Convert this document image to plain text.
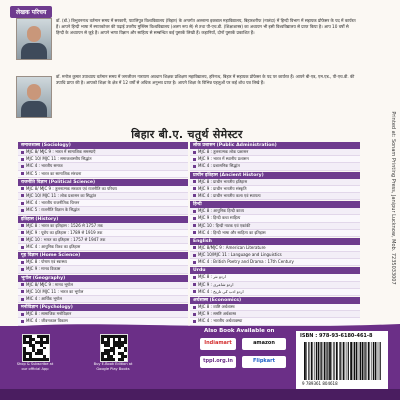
लेखक परिचय
डॉ. (डॉ.) त्रिभुवननाथ वर्तमान समय में सरकारी, पाटलिपुत्र विश्वविद्यालय (बिहार) के अन्तर्गत अल्लामा इकबाल महाविद्यालय, बिहारशरीफ (नालंदा) में हिन्दी विभाग में सहायक प्रोफेसर के पद में कार्यरत हैं। आपने हिन्दी भाषा में स्नातकोत्तर की पढ़ाई उत्तरीय मुस्लिम विश्वविद्यालय (अलग रूप से) से तथा पी-एच.डी. (शिक्षाशास्त्र) का अध्ययन भी इसी विश्वविद्यालय से प्राप्त किया है। आप 10 वर्षों से हिन्दी के अध्यापन से जुड़े हैं। आपने भाषा विज्ञान और साहित्य से सम्बन्धित कई पुस्तकें लिखी हैं। कहानियाँ, दोनों पुस्तकें प्रकाशित हैं।
डॉ. मनोज कुमार उपाध्याय वर्तमान समय में जगजीवन नारायण अवधान शिक्षक प्रशिक्षण महाविद्यालय, हरिनाथ, बिहार में सहायक प्रोफेसर के पद पर कार्यरत हैं। आपने बी-एड, एम.एड., पी-एच.डी. की उपाधि प्राप्त की है। आपको शिक्षा के क्षेत्र में 12 वर्षों से अधिक अनुभव प्राप्त है। आपने शिक्षा के विभिन्न पहलुओं पर कई शोध पत्र लिखे हैं।
बिहार बी.ए. चतुर्थ सेमेस्टर
समाजशास्त्र (Sociology)
MJC 8/ MJC 9 : भारत में सामाजिक समस्याएँ
MJC 10/ MJC 11 : समाजशास्त्रीय सिद्धांत
MIC 4 : भारतीय समाज
MIC 5 : भारत का सामाजिक संरचना
राजनीति विज्ञान (Political Science)
MJC 8/ MJC 9 : तुलनात्मक सरकार एवं राजनीति का परिचय
MJC 10/ MJC 11 : लोक प्रशासन का सिद्धांत
MIC 4 : भारतीय राजनीतिक चिन्तन
MIC 5 : राजनीति विज्ञान के सिद्धांत
इतिहास (History)
MJC 8 : भारत का इतिहास : 1526 से 1757 तक
MJC 9 : यूरोप का इतिहास : 1789 से 1919 तक
MJC 10 : भारत का इतिहास : 1757 से 1947 तक
MIC 4 : आधुनिक विश्व का इतिहास
गृह विज्ञान (Home Science)
MJC 8 : पोषण एवं स्वास्थ्य
MJC 9 : मानव विकास
भूगोल (Geography)
MJC 8/ MJC 9 : मानव भूगोल
MJC 10/ MJC 11 : भारत का भूगोल
MIC 4 : आर्थिक भूगोल
मनोविज्ञान (Psychology)
MJC 8 : सामाजिक मनोविज्ञान
MIC 4 : जीवनकाल विकास
लोक प्रशासन (Public Administration)
MJC 8 : तुलनात्मक लोक प्रशासन
MJC 9 : भारत में स्थानीय प्रशासन
MIC 4 : प्रशासनिक सिद्धांत
प्राचीन इतिहास (Ancient History)
MJC 8 : प्राचीन भारतीय इतिहास
MJC 9 : प्राचीन भारतीय संस्कृति
MIC 4 : प्राचीन भारतीय कला एवं स्थापत्य
हिन्दी
MJC 8 : आधुनिक हिन्दी काव्य
MJC 9 : हिन्दी कथा साहित्य
MJC 10 : हिन्दी नाटक एवं एकांकी
MIC 4 : हिन्दी भाषा और साहित्य का इतिहास
English
MJC 8/MJC 9 : American Literature
MJC 10/MJC 11 : Language and Linguistics
MIC 4 : British Poetry and Drama : 17th Century
Urdu
MJC 8 : اردو نثر
MJC 9 : اردو شاعری
MIC 4 : اردو ادب کی تاریخ
अर्थशास्त्र (Economics)
MJC 8 : व्यष्टि अर्थशास्त्र
MJC 9 : समष्टि अर्थशास्त्र
MIC 4 : भारतीय अर्थव्यवस्था
Printed at: Sonam Printing Press, Janipur Lucknow, Mob. 7235033007
Shop & Subscribe at our official App
Buy E-Book Edition at Google Play Books
Also Book Available on
Indiamart	amazon
tppl.org.in	Flipkart
ISBN : 978-93-6180-461-8
9 789361 804618
